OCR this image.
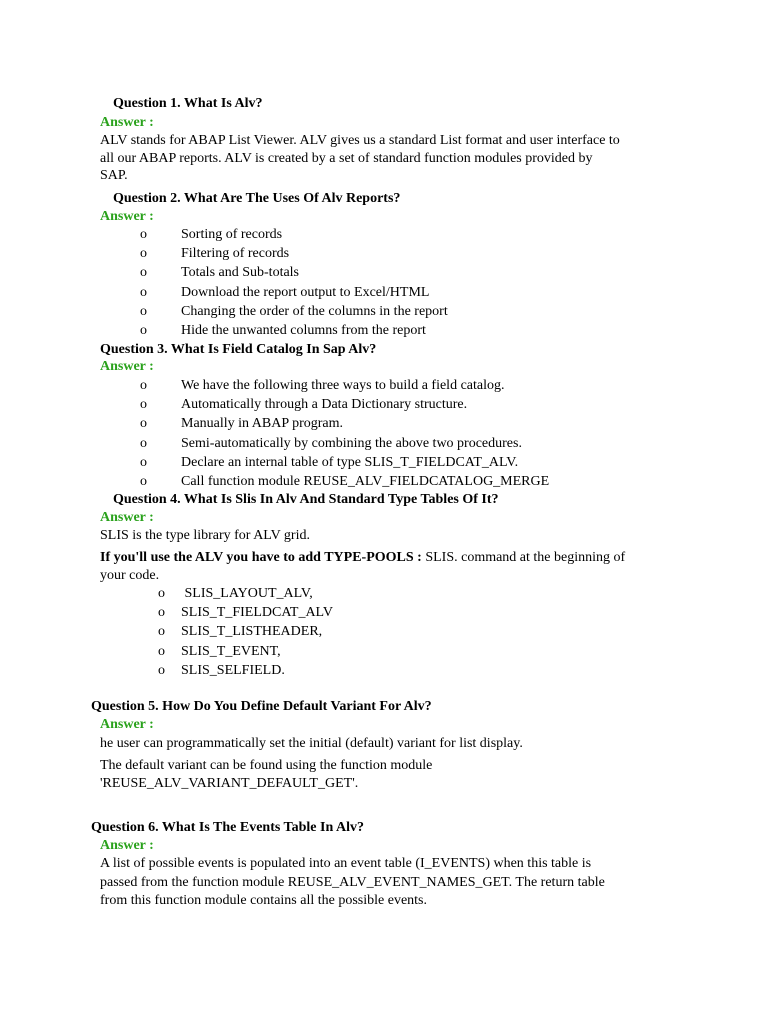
Question 1. What Is Alv?
Answer :
ALV stands for ABAP List Viewer. ALV gives us a standard List format and user interface to
all our ABAP reports. ALV is created by a set of standard function modules provided by
SAP.
Question 2. What Are The Uses Of Alv Reports?
Answer :
o Sorting of records
o Filtering of records
o Totals and Sub-totals
o Download the report output to Excel/HTML
o Changing the order of the columns in the report
o Hide the unwanted columns from the report
Question 3. What Is Field Catalog In Sap Alv?
Answer :
o We have the following three ways to build a field catalog.
o Automatically through a Data Dictionary structure.
o Manually in ABAP program.
o Semi-automatically by combining the above two procedures.
o Declare an internal table of type SLIS_T_FIELDCAT_ALV.
o Call function module REUSE_ALV_FIELDCATALOG_MERGE
Question 4. What Is Slis In Alv And Standard Type Tables Of It?
Answer :
SLIS is the type library for ALV grid.
If you'll use the ALV you have to add TYPE-POOLS : SLIS. command at the beginning of
your code.
o SLIS_LAYOUT_ALV,
o SLIS_T_FIELDCAT_ALV
o SLIS_T_LISTHEADER,
o SLIS_T_EVENT,
o SLIS_SELFIELD.
Question 5. How Do You Define Default Variant For Alv?
Answer :
he user can programmatically set the initial (default) variant for list display.
The default variant can be found using the function module
'REUSE_ALV_VARIANT_DEFAULT_GET'.
Question 6. What Is The Events Table In Alv?
Answer :
A list of possible events is populated into an event table (I_EVENTS) when this table is
passed from the function module REUSE_ALV_EVENT_NAMES_GET. The return table
from this function module contains all the possible events.
